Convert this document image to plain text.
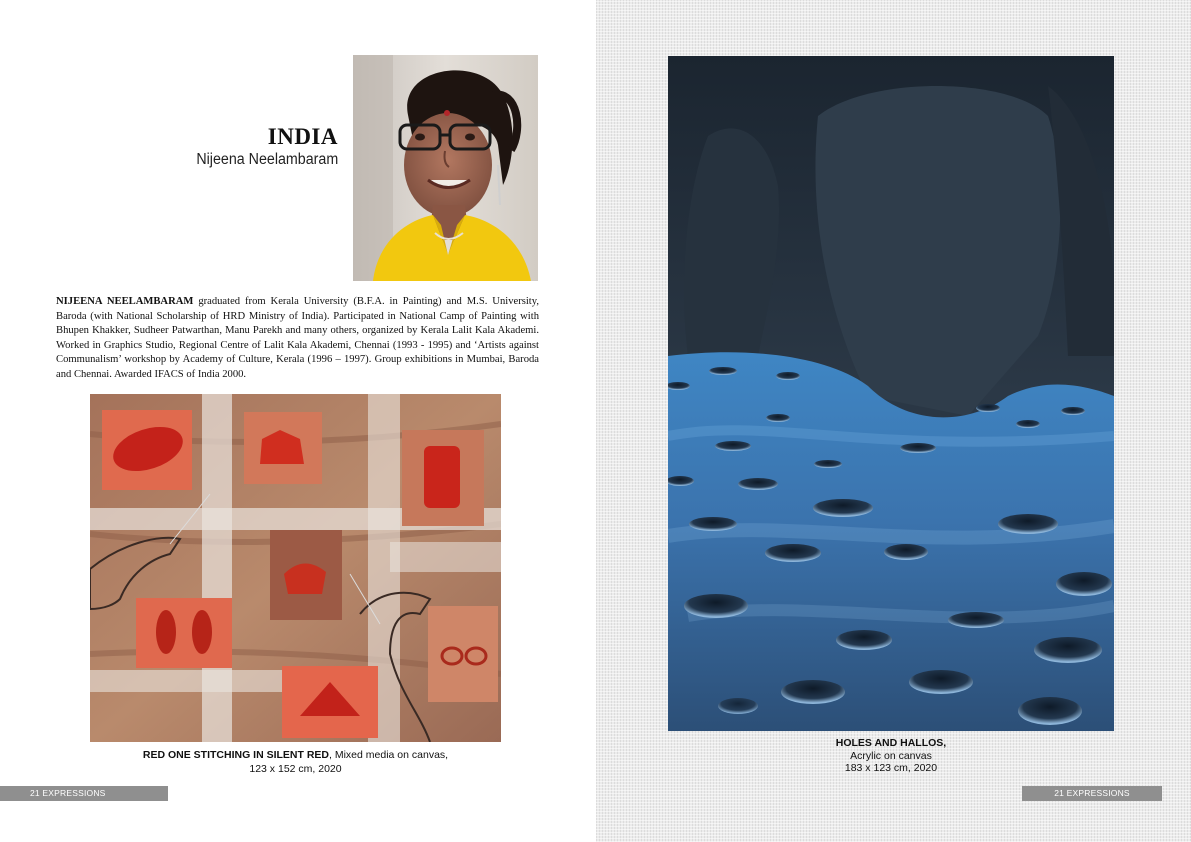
INDIA
Nijeena Neelambaram
NIJEENA NEELAMBARAM graduated from Kerala University (B.F.A. in Painting) and M.S. University, Baroda (with National Scholarship of HRD Ministry of India). Participated in National Camp of Painting with Bhupen Khakker, Sudheer Patwarthan, Manu Parekh and many others, organized by Kerala Lalit Kala Akademi. Worked in Graphics Studio, Regional Centre of Lalit Kala Akademi, Chennai (1993 - 1995) and ‘Artists against Communalism’ workshop by Academy of Culture, Kerala (1996 – 1997). Group exhibitions in Mumbai, Baroda and Chennai. Awarded IFACS of India 2000.
RED ONE STITCHING IN SILENT RED, Mixed media on canvas,
123 x 152 cm, 2020
21 EXPRESSIONS
HOLES AND HALLOS,
Acrylic on canvas
183 x 123 cm, 2020
21 EXPRESSIONS
